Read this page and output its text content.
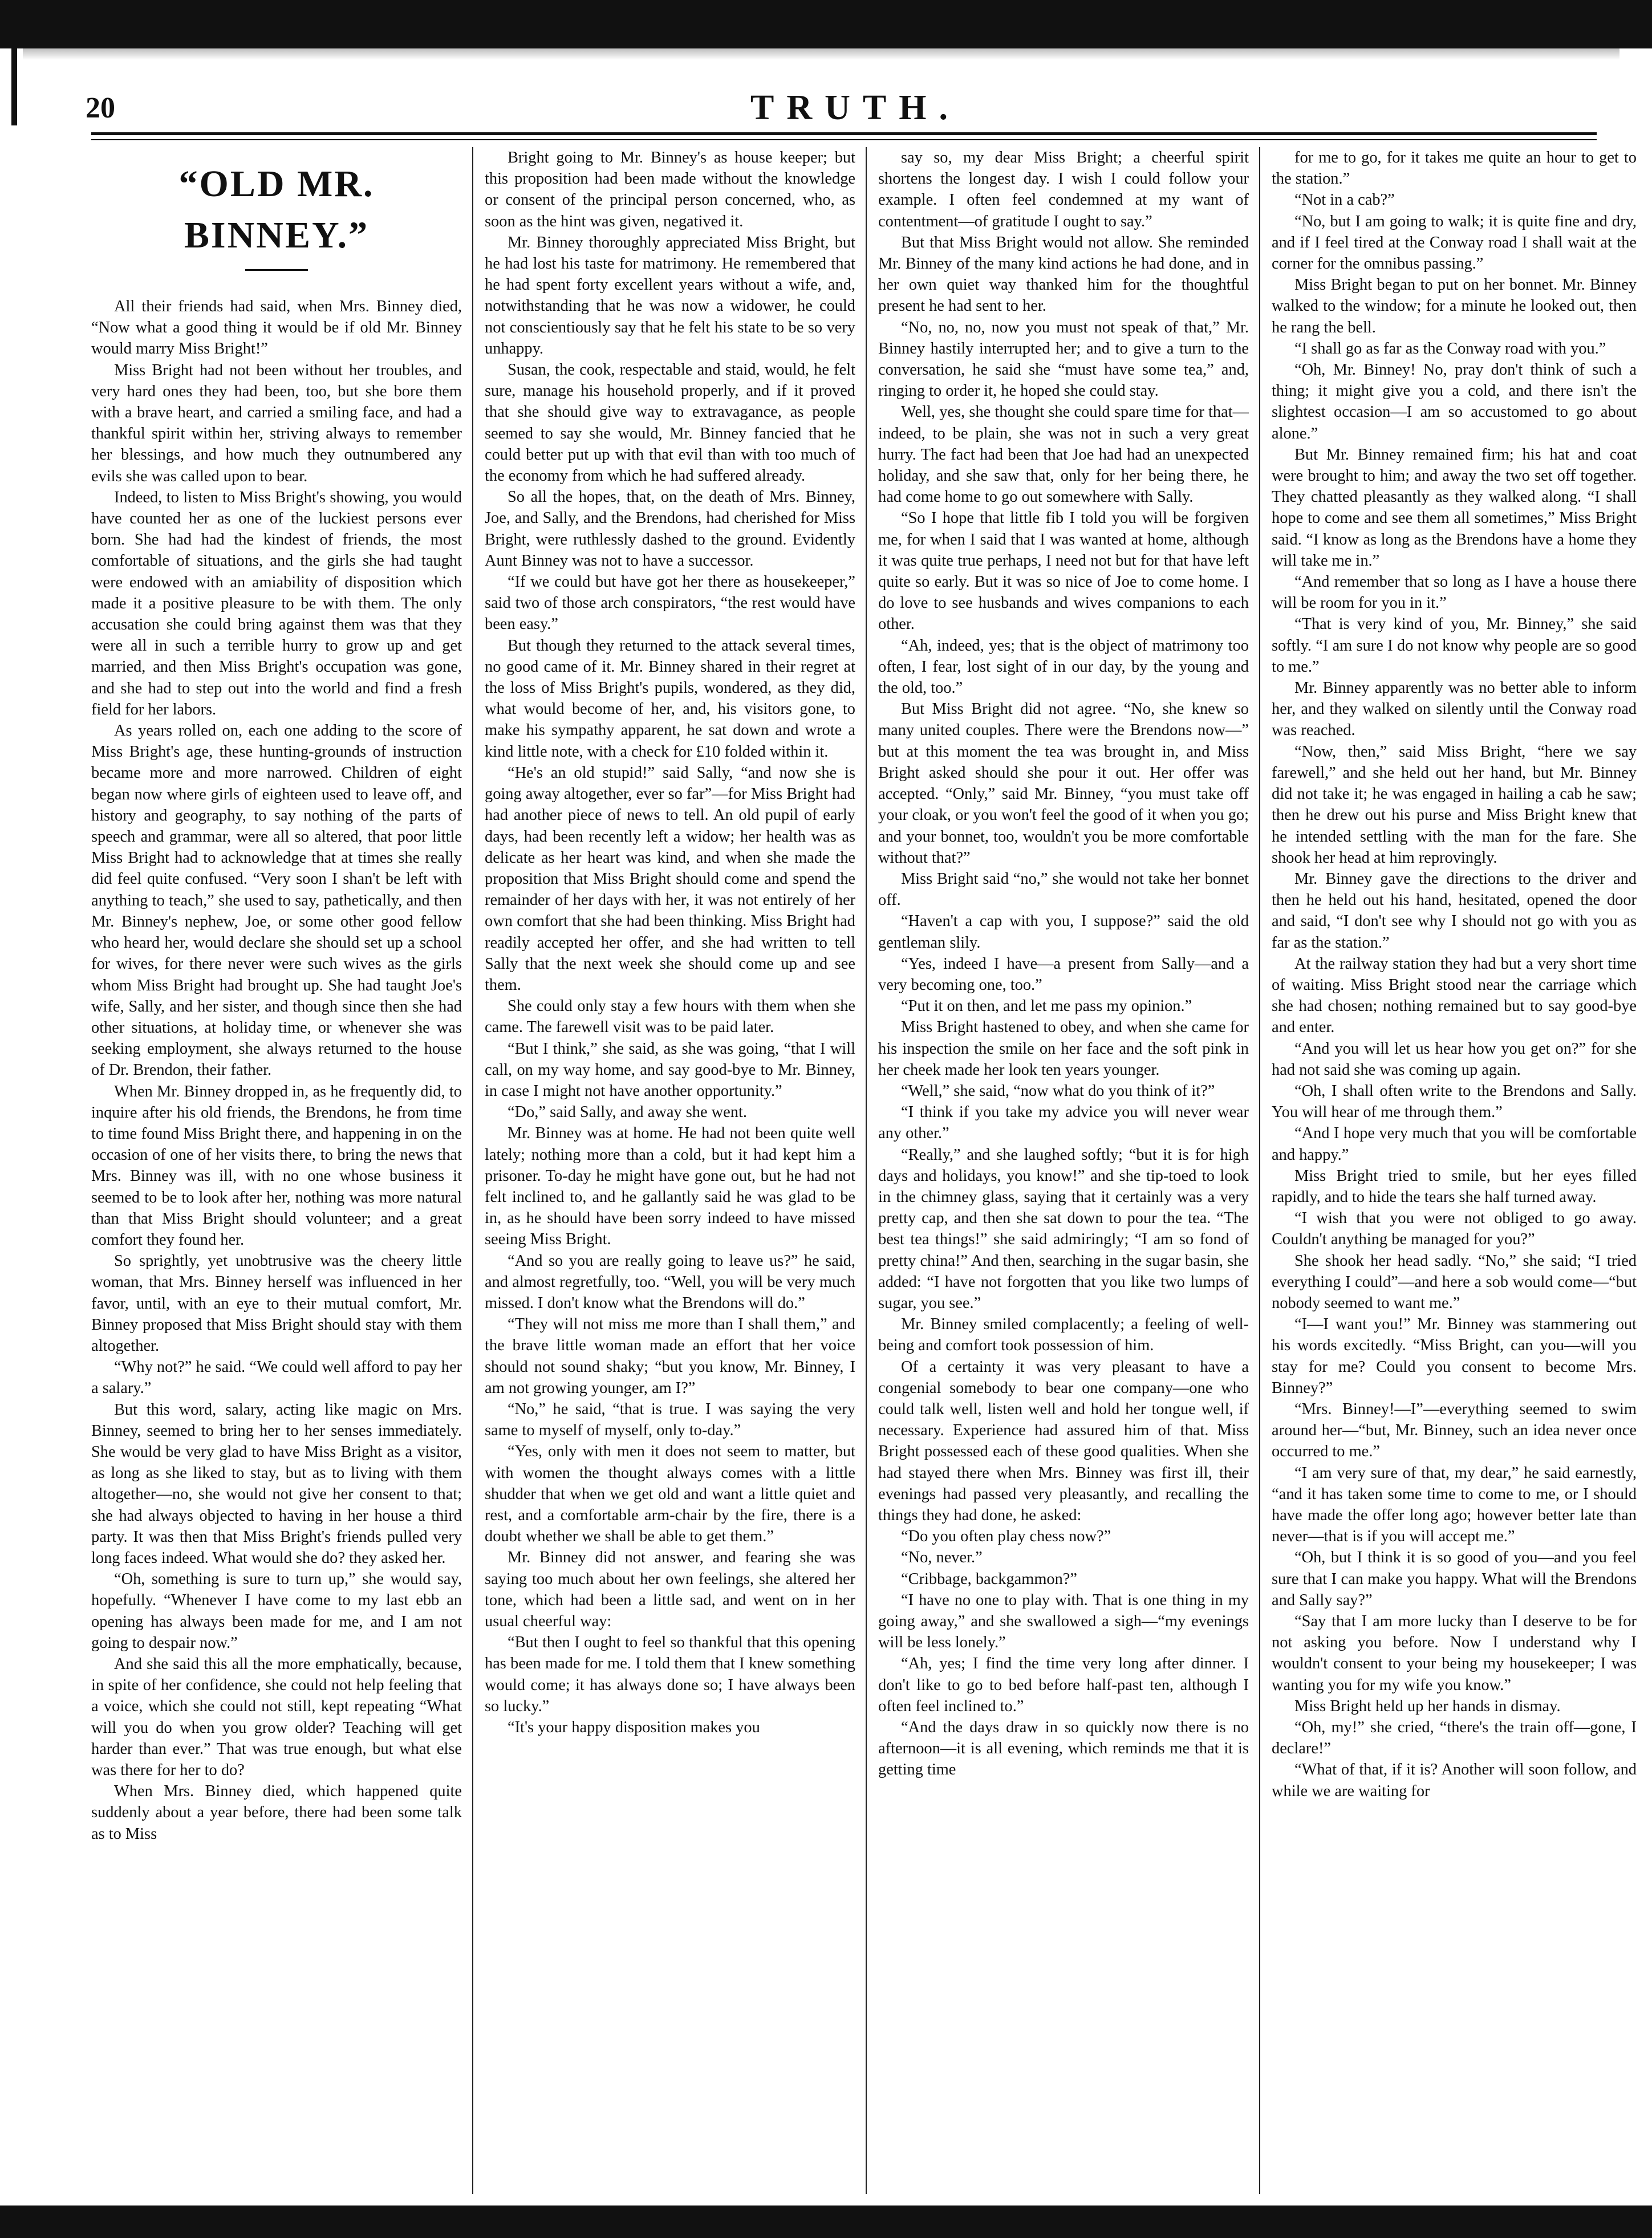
20	TRUTH.
“OLD MR. BINNEY.”

All their friends had said, when Mrs. Binney died, “Now what a good thing it would be if old Mr. Binney would marry Miss Bright!”

Miss Bright had not been without her troubles, and very hard ones they had been, too, but she bore them with a brave heart, and carried a smiling face, and had a thankful spirit within her, striving always to remember her blessings, and how much they outnumbered any evils she was called upon to bear.

Indeed, to listen to Miss Bright's showing, you would have counted her as one of the luckiest persons ever born. She had had the kindest of friends, the most comfortable of situations, and the girls she had taught were endowed with an amiability of disposition which made it a positive pleasure to be with them. The only accusation she could bring against them was that they were all in such a terrible hurry to grow up and get married, and then Miss Bright's occupation was gone, and she had to step out into the world and find a fresh field for her labors.

As years rolled on, each one adding to the score of Miss Bright's age, these hunting-grounds of instruction became more and more narrowed. Children of eight began now where girls of eighteen used to leave off, and history and geography, to say nothing of the parts of speech and grammar, were all so altered, that poor little Miss Bright had to acknowledge that at times she really did feel quite confused. “Very soon I shan't be left with anything to teach,” she used to say, pathetically, and then Mr. Binney's nephew, Joe, or some other good fellow who heard her, would declare she should set up a school for wives, for there never were such wives as the girls whom Miss Bright had brought up. She had taught Joe's wife, Sally, and her sister, and though since then she had other situations, at holiday time, or whenever she was seeking employment, she always returned to the house of Dr. Brendon, their father.

When Mr. Binney dropped in, as he frequently did, to inquire after his old friends, the Brendons, he from time to time found Miss Bright there, and happening in on the occasion of one of her visits there, to bring the news that Mrs. Binney was ill, with no one whose business it seemed to be to look after her, nothing was more natural than that Miss Bright should volunteer; and a great comfort they found her.

So sprightly, yet unobtrusive was the cheery little woman, that Mrs. Binney herself was influenced in her favor, until, with an eye to their mutual comfort, Mr. Binney proposed that Miss Bright should stay with them altogether.

“Why not?” he said. “We could well afford to pay her a salary.”

But this word, salary, acting like magic on Mrs. Binney, seemed to bring her to her senses immediately. She would be very glad to have Miss Bright as a visitor, as long as she liked to stay, but as to living with them altogether—no, she would not give her consent to that; she had always objected to having in her house a third party. It was then that Miss Bright's friends pulled very long faces indeed. What would she do? they asked her.

“Oh, something is sure to turn up,” she would say, hopefully. “Whenever I have come to my last ebb an opening has always been made for me, and I am not going to despair now.”

And she said this all the more emphatically, because, in spite of her confidence, she could not help feeling that a voice, which she could not still, kept repeating “What will you do when you grow older? Teaching will get harder than ever.” That was true enough, but what else was there for her to do?

When Mrs. Binney died, which happened quite suddenly about a year before, there had been some talk as to Miss

Bright going to Mr. Binney's as house keeper; but this proposition had been made without the knowledge or consent of the principal person concerned, who, as soon as the hint was given, negatived it.

Mr. Binney thoroughly appreciated Miss Bright, but he had lost his taste for matrimony. He remembered that he had spent forty excellent years without a wife, and, notwithstanding that he was now a widower, he could not conscientiously say that he felt his state to be so very unhappy.

Susan, the cook, respectable and staid, would, he felt sure, manage his household properly, and if it proved that she should give way to extravagance, as people seemed to say she would, Mr. Binney fancied that he could better put up with that evil than with too much of the economy from which he had suffered already.

So all the hopes, that, on the death of Mrs. Binney, Joe, and Sally, and the Brendons, had cherished for Miss Bright, were ruthlessly dashed to the ground. Evidently Aunt Binney was not to have a successor.

“If we could but have got her there as housekeeper,” said two of those arch conspirators, “the rest would have been easy.”

But though they returned to the attack several times, no good came of it. Mr. Binney shared in their regret at the loss of Miss Bright's pupils, wondered, as they did, what would become of her, and, his visitors gone, to make his sympathy apparent, he sat down and wrote a kind little note, with a check for £10 folded within it.

“He's an old stupid!” said Sally, “and now she is going away altogether, ever so far”—for Miss Bright had had another piece of news to tell. An old pupil of early days, had been recently left a widow; her health was as delicate as her heart was kind, and when she made the proposition that Miss Bright should come and spend the remainder of her days with her, it was not entirely of her own comfort that she had been thinking. Miss Bright had readily accepted her offer, and she had written to tell Sally that the next week she should come up and see them.

She could only stay a few hours with them when she came. The farewell visit was to be paid later.

“But I think,” she said, as she was going, “that I will call, on my way home, and say good-bye to Mr. Binney, in case I might not have another opportunity.”

“Do,” said Sally, and away she went.

Mr. Binney was at home. He had not been quite well lately; nothing more than a cold, but it had kept him a prisoner. To-day he might have gone out, but he had not felt inclined to, and he gallantly said he was glad to be in, as he should have been sorry indeed to have missed seeing Miss Bright.

“And so you are really going to leave us?” he said, and almost regretfully, too. “Well, you will be very much missed. I don't know what the Brendons will do.”

“They will not miss me more than I shall them,” and the brave little woman made an effort that her voice should not sound shaky; “but you know, Mr. Binney, I am not growing younger, am I?”

“No,” he said, “that is true. I was saying the very same to myself of myself, only to-day.”

“Yes, only with men it does not seem to matter, but with women the thought always comes with a little shudder that when we get old and want a little quiet and rest, and a comfortable arm-chair by the fire, there is a doubt whether we shall be able to get them.”

Mr. Binney did not answer, and fearing she was saying too much about her own feelings, she altered her tone, which had been a little sad, and went on in her usual cheerful way:

“But then I ought to feel so thankful that this opening has been made for me. I told them that I knew something would come; it has always done so; I have always been so lucky.”

“It's your happy disposition makes you

say so, my dear Miss Bright; a cheerful spirit shortens the longest day. I wish I could follow your example. I often feel condemned at my want of contentment—of gratitude I ought to say.”

But that Miss Bright would not allow. She reminded Mr. Binney of the many kind actions he had done, and in her own quiet way thanked him for the thoughtful present he had sent to her.

“No, no, no, now you must not speak of that,” Mr. Binney hastily interrupted her; and to give a turn to the conversation, he said she “must have some tea,” and, ringing to order it, he hoped she could stay.

Well, yes, she thought she could spare time for that—indeed, to be plain, she was not in such a very great hurry. The fact had been that Joe had had an unexpected holiday, and she saw that, only for her being there, he had come home to go out somewhere with Sally.

“So I hope that little fib I told you will be forgiven me, for when I said that I was wanted at home, although it was quite true perhaps, I need not but for that have left quite so early. But it was so nice of Joe to come home. I do love to see husbands and wives companions to each other.

“Ah, indeed, yes; that is the object of matrimony too often, I fear, lost sight of in our day, by the young and the old, too.”

But Miss Bright did not agree. “No, she knew so many united couples. There were the Brendons now—” but at this moment the tea was brought in, and Miss Bright asked should she pour it out. Her offer was accepted. “Only,” said Mr. Binney, “you must take off your cloak, or you won't feel the good of it when you go; and your bonnet, too, wouldn't you be more comfortable without that?”

Miss Bright said “no,” she would not take her bonnet off.

“Haven't a cap with you, I suppose?” said the old gentleman slily.

“Yes, indeed I have—a present from Sally—and a very becoming one, too.”

“Put it on then, and let me pass my opinion.”

Miss Bright hastened to obey, and when she came for his inspection the smile on her face and the soft pink in her cheek made her look ten years younger.

“Well,” she said, “now what do you think of it?”

“I think if you take my advice you will never wear any other.”

“Really,” and she laughed softly; “but it is for high days and holidays, you know!” and she tip-toed to look in the chimney glass, saying that it certainly was a very pretty cap, and then she sat down to pour the tea. “The best tea things!” she said admiringly; “I am so fond of pretty china!” And then, searching in the sugar basin, she added: “I have not forgotten that you like two lumps of sugar, you see.”

Mr. Binney smiled complacently; a feeling of well-being and comfort took possession of him.

Of a certainty it was very pleasant to have a congenial somebody to bear one company—one who could talk well, listen well and hold her tongue well, if necessary. Experience had assured him of that. Miss Bright possessed each of these good qualities. When she had stayed there when Mrs. Binney was first ill, their evenings had passed very pleasantly, and recalling the things they had done, he asked:

“Do you often play chess now?”

“No, never.”

“Cribbage, backgammon?”

“I have no one to play with. That is one thing in my going away,” and she swallowed a sigh—“my evenings will be less lonely.”

“Ah, yes; I find the time very long after dinner. I don't like to go to bed before half-past ten, although I often feel inclined to.”

“And the days draw in so quickly now there is no afternoon—it is all evening, which reminds me that it is getting time

for me to go, for it takes me quite an hour to get to the station.”

“Not in a cab?”

“No, but I am going to walk; it is quite fine and dry, and if I feel tired at the Conway road I shall wait at the corner for the omnibus passing.”

Miss Bright began to put on her bonnet. Mr. Binney walked to the window; for a minute he looked out, then he rang the bell.

“I shall go as far as the Conway road with you.”

“Oh, Mr. Binney! No, pray don't think of such a thing; it might give you a cold, and there isn't the slightest occasion—I am so accustomed to go about alone.”

But Mr. Binney remained firm; his hat and coat were brought to him; and away the two set off together. They chatted pleasantly as they walked along. “I shall hope to come and see them all sometimes,” Miss Bright said. “I know as long as the Brendons have a home they will take me in.”

“And remember that so long as I have a house there will be room for you in it.”

“That is very kind of you, Mr. Binney,” she said softly. “I am sure I do not know why people are so good to me.”

Mr. Binney apparently was no better able to inform her, and they walked on silently until the Conway road was reached.

“Now, then,” said Miss Bright, “here we say farewell,” and she held out her hand, but Mr. Binney did not take it; he was engaged in hailing a cab he saw; then he drew out his purse and Miss Bright knew that he intended settling with the man for the fare. She shook her head at him reprovingly.

Mr. Binney gave the directions to the driver and then he held out his hand, hesitated, opened the door and said, “I don't see why I should not go with you as far as the station.”

At the railway station they had but a very short time of waiting. Miss Bright stood near the carriage which she had chosen; nothing remained but to say good-bye and enter.

“And you will let us hear how you get on?” for she had not said she was coming up again.

“Oh, I shall often write to the Brendons and Sally. You will hear of me through them.”

“And I hope very much that you will be comfortable and happy.”

Miss Bright tried to smile, but her eyes filled rapidly, and to hide the tears she half turned away.

“I wish that you were not obliged to go away. Couldn't anything be managed for you?”

She shook her head sadly. “No,” she said; “I tried everything I could”—and here a sob would come—“but nobody seemed to want me.”

“I—I want you!” Mr. Binney was stammering out his words excitedly. “Miss Bright, can you—will you stay for me? Could you consent to become Mrs. Binney?”

“Mrs. Binney!—I”—everything seemed to swim around her—“but, Mr. Binney, such an idea never once occurred to me.”

“I am very sure of that, my dear,” he said earnestly, “and it has taken some time to come to me, or I should have made the offer long ago; however better late than never—that is if you will accept me.”

“Oh, but I think it is so good of you—and you feel sure that I can make you happy. What will the Brendons and Sally say?”

“Say that I am more lucky than I deserve to be for not asking you before. Now I understand why I wouldn't consent to your being my housekeeper; I was wanting you for my wife you know.”

Miss Bright held up her hands in dismay.

“Oh, my!” she cried, “there's the train off—gone, I declare!”

“What of that, if it is? Another will soon follow, and while we are waiting for
